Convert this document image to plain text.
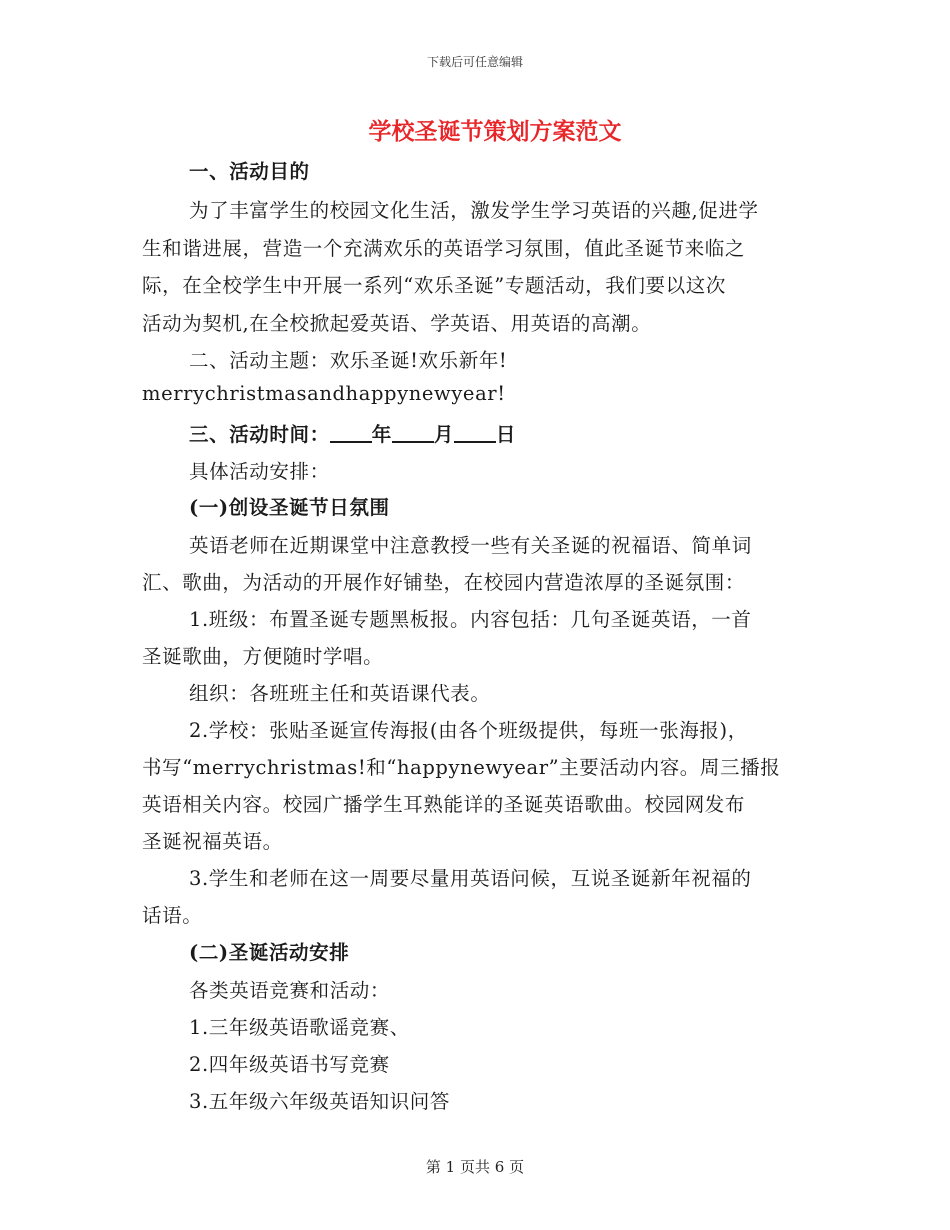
下载后可任意编辑
学校圣诞节策划方案范文
一、活动目的
为了丰富学生的校园文化生活，激发学生学习英语的兴趣,促进学
生和谐进展，营造一个充满欢乐的英语学习氛围，值此圣诞节来临之
际，在全校学生中开展一系列“欢乐圣诞”专题活动，我们要以这次
活动为契机,在全校掀起爱英语、学英语、用英语的高潮。
二、活动主题：欢乐圣诞!欢乐新年!
merrychristmasandhappynewyear!
三、活动时间： 年 月 日
具体活动安排：
(一)创设圣诞节日氛围
英语老师在近期课堂中注意教授一些有关圣诞的祝福语、简单词
汇、歌曲，为活动的开展作好铺垫，在校园内营造浓厚的圣诞氛围：
1.班级：布置圣诞专题黑板报。内容包括：几句圣诞英语，一首
圣诞歌曲，方便随时学唱。
组织：各班班主任和英语课代表。
2.学校：张贴圣诞宣传海报(由各个班级提供，每班一张海报)，
书写“merrychristmas!和“happynewyear”主要活动内容。周三播报
英语相关内容。校园广播学生耳熟能详的圣诞英语歌曲。校园网发布
圣诞祝福英语。
3.学生和老师在这一周要尽量用英语问候，互说圣诞新年祝福的
话语。
(二)圣诞活动安排
各类英语竞赛和活动：
1.三年级英语歌谣竞赛、
2.四年级英语书写竞赛
3.五年级六年级英语知识问答
第 1 页共 6 页
